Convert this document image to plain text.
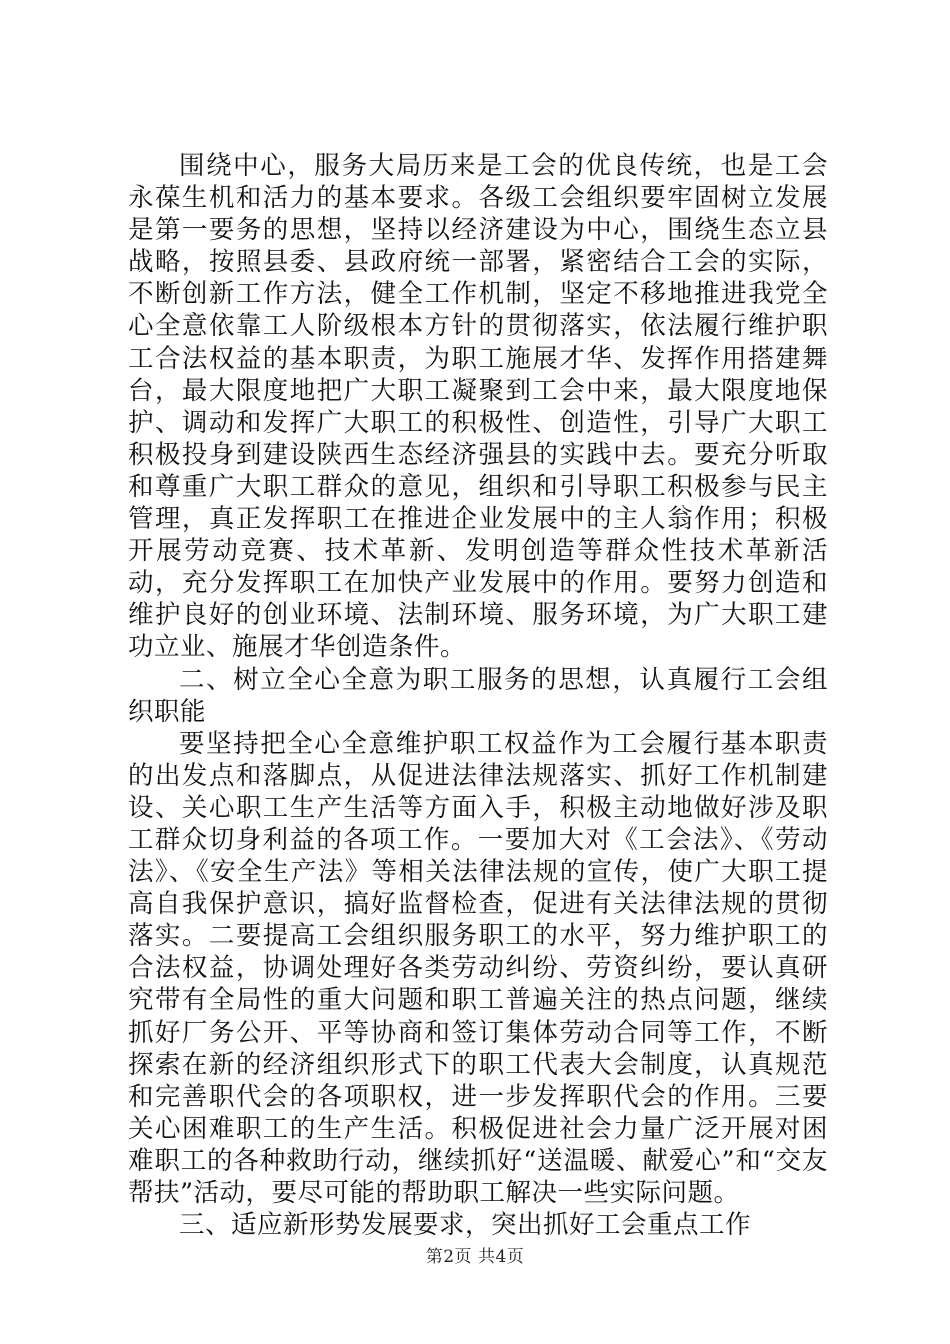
围绕中心，服务大局历来是工会的优良传统，也是工会永葆生机和活力的基本要求。各级工会组织要牢固树立发展是第一要务的思想，坚持以经济建设为中心，围绕生态立县战略，按照县委、县政府统一部署，紧密结合工会的实际，不断创新工作方法，健全工作机制，坚定不移地推进我党全心全意依靠工人阶级根本方针的贯彻落实，依法履行维护职工合法权益的基本职责，为职工施展才华、发挥作用搭建舞台，最大限度地把广大职工凝聚到工会中来，最大限度地保护、调动和发挥广大职工的积极性、创造性，引导广大职工积极投身到建设陕西生态经济强县的实践中去。要充分听取和尊重广大职工群众的意见，组织和引导职工积极参与民主管理，真正发挥职工在推进企业发展中的主人翁作用；积极开展劳动竞赛、技术革新、发明创造等群众性技术革新活动，充分发挥职工在加快产业发展中的作用。要努力创造和维护良好的创业环境、法制环境、服务环境，为广大职工建功立业、施展才华创造条件。

二、树立全心全意为职工服务的思想，认真履行工会组织职能

要坚持把全心全意维护职工权益作为工会履行基本职责的出发点和落脚点，从促进法律法规落实、抓好工作机制建设、关心职工生产生活等方面入手，积极主动地做好涉及职工群众切身利益的各项工作。一要加大对《工会法》、《劳动法》、《安全生产法》等相关法律法规的宣传，使广大职工提高自我保护意识，搞好监督检查，促进有关法律法规的贯彻落实。二要提高工会组织服务职工的水平，努力维护职工的合法权益，协调处理好各类劳动纠纷、劳资纠纷，要认真研究带有全局性的重大问题和职工普遍关注的热点问题，继续抓好厂务公开、平等协商和签订集体劳动合同等工作，不断探索在新的经济组织形式下的职工代表大会制度，认真规范和完善职代会的各项职权，进一步发挥职代会的作用。三要关心困难职工的生产生活。积极促进社会力量广泛开展对困难职工的各种救助行动，继续抓好“送温暖、献爱心”和“交友帮扶”活动，要尽可能的帮助职工解决一些实际问题。

三、适应新形势发展要求，突出抓好工会重点工作

第2页 共4页
